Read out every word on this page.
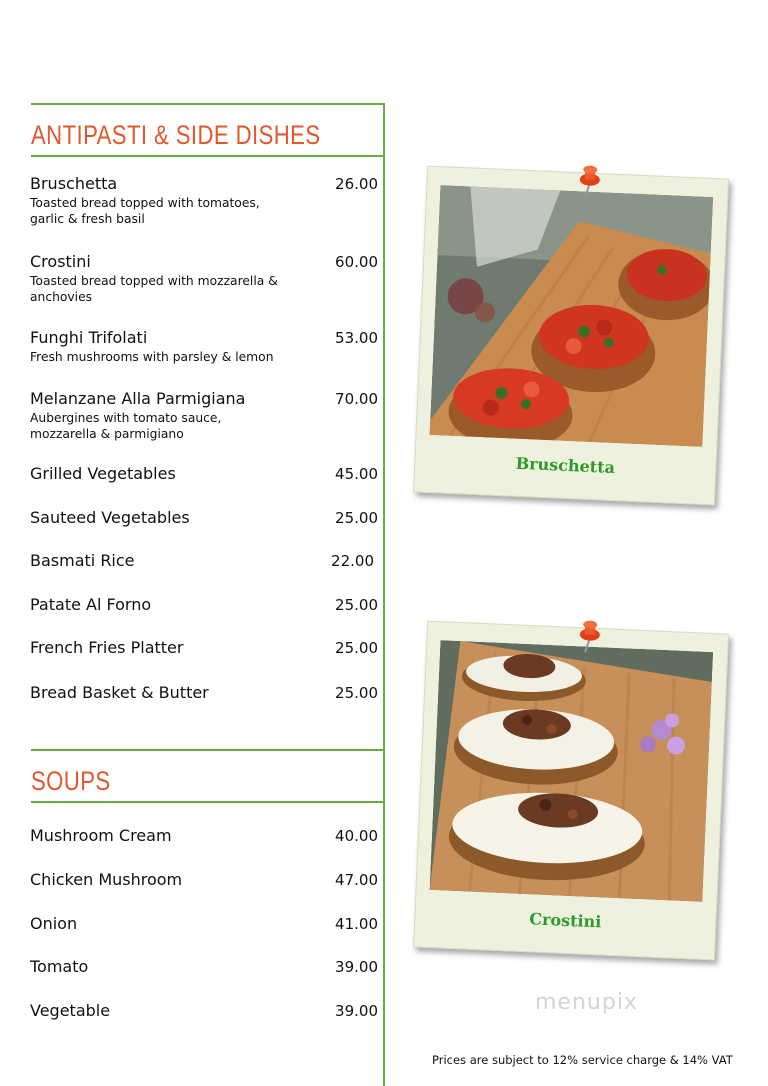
ANTIPASTI & SIDE DISHES
SOUPS
Bruschetta
Toasted bread topped with tomatoes, garlic & fresh basil
26.00
Crostini
Toasted bread topped with mozzarella & anchovies
60.00
Funghi Trifolati
Fresh mushrooms with parsley & lemon
53.00
Melanzane Alla Parmigiana
Aubergines with tomato sauce, mozzarella & parmigiano
70.00
Grilled Vegetables	45.00
Sauteed Vegetables	25.00
Basmati Rice	22.00
Patate Al Forno	25.00
French Fries Platter	25.00
Bread Basket & Butter	25.00
Mushroom Cream	40.00
Chicken Mushroom	47.00
Onion	41.00
Tomato	39.00
Vegetable	39.00
Bruschetta
Crostini
menupix
Prices are subject to 12% service charge & 14% VAT
